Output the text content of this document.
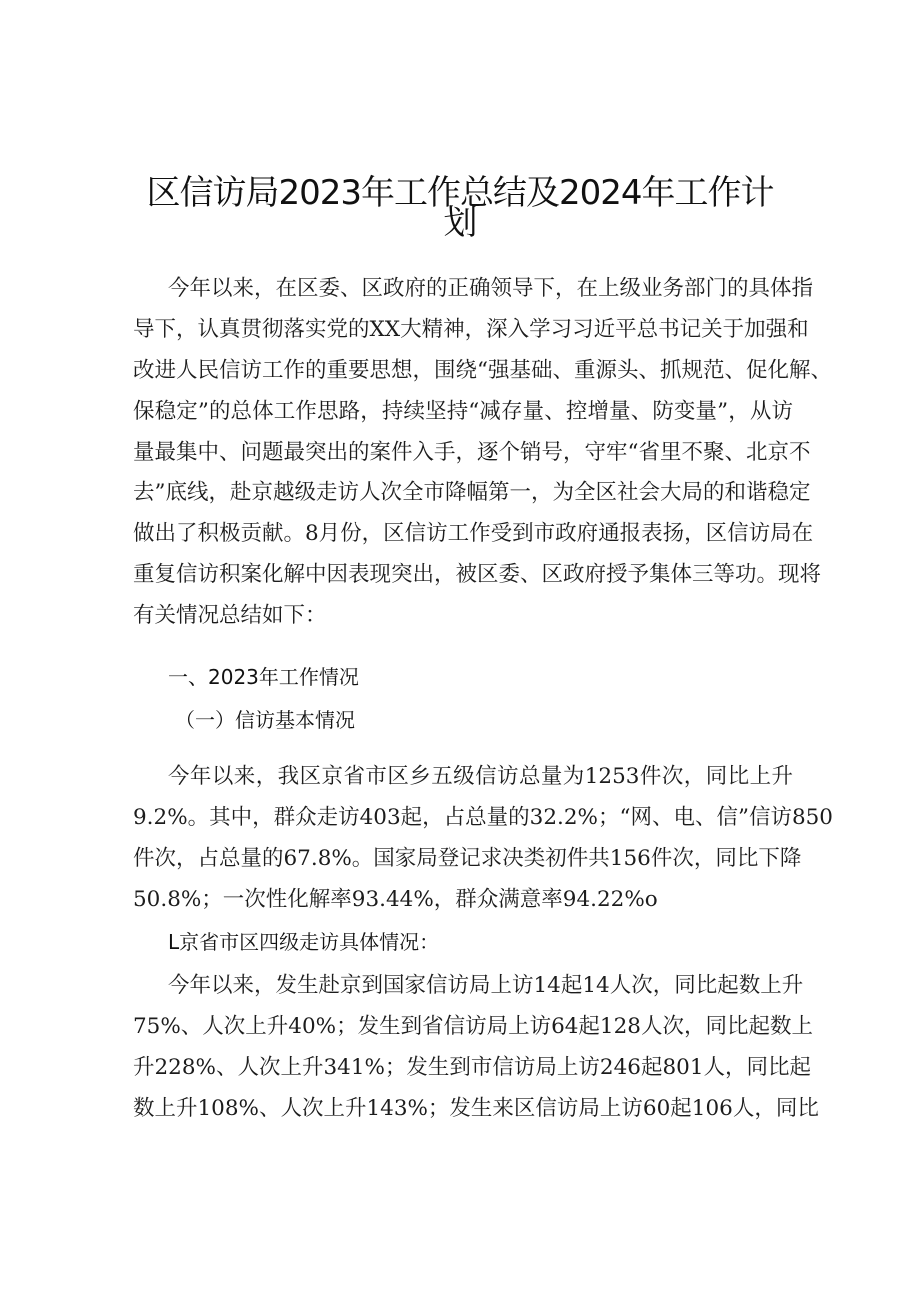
区信访局2023年工作总结及2024年工作计
划
今年以来，在区委、区政府的正确领导下，在上级业务部门的具体指
导下，认真贯彻落实党的XX大精神，深入学习习近平总书记关于加强和
改进人民信访工作的重要思想，围绕“强基础、重源头、抓规范、促化解、
保稳定”的总体工作思路，持续坚持“减存量、控增量、防变量”，从访
量最集中、问题最突出的案件入手，逐个销号，守牢“省里不聚、北京不
去”底线，赴京越级走访人次全市降幅第一，为全区社会大局的和谐稳定
做出了积极贡献。8月份，区信访工作受到市政府通报表扬，区信访局在
重复信访积案化解中因表现突出，被区委、区政府授予集体三等功。现将
有关情况总结如下：
一、2023年工作情况
（一）信访基本情况
今年以来，我区京省市区乡五级信访总量为1253件次，同比上升
9.2%。其中，群众走访403起，占总量的32.2%；“网、电、信”信访850
件次，占总量的67.8%。国家局登记求决类初件共156件次，同比下降
50.8%；一次性化解率93.44%，群众满意率94.22%o
L京省市区四级走访具体情况：
今年以来，发生赴京到国家信访局上访14起14人次，同比起数上升
75%、人次上升40%；发生到省信访局上访64起128人次，同比起数上
升228%、人次上升341%；发生到市信访局上访246起801人，同比起
数上升108%、人次上升143%；发生来区信访局上访60起106人，同比
